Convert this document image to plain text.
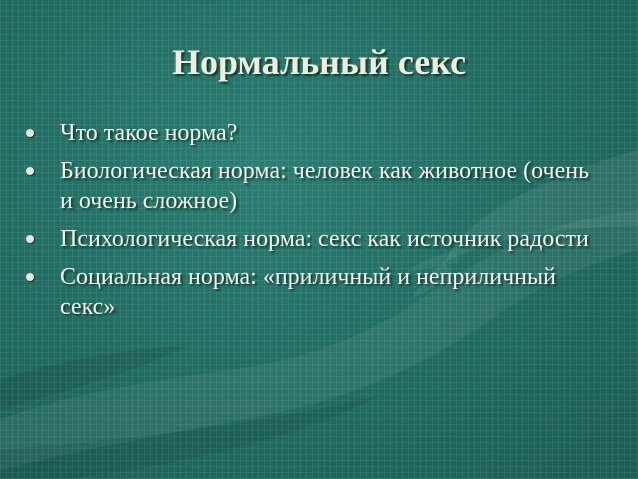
Нормальный секс
Что такое норма?
Биологическая норма: человек как животное (очень и очень сложное)
Психологическая норма: секс как источник радости
Социальная норма: «приличный и неприличный секс»
